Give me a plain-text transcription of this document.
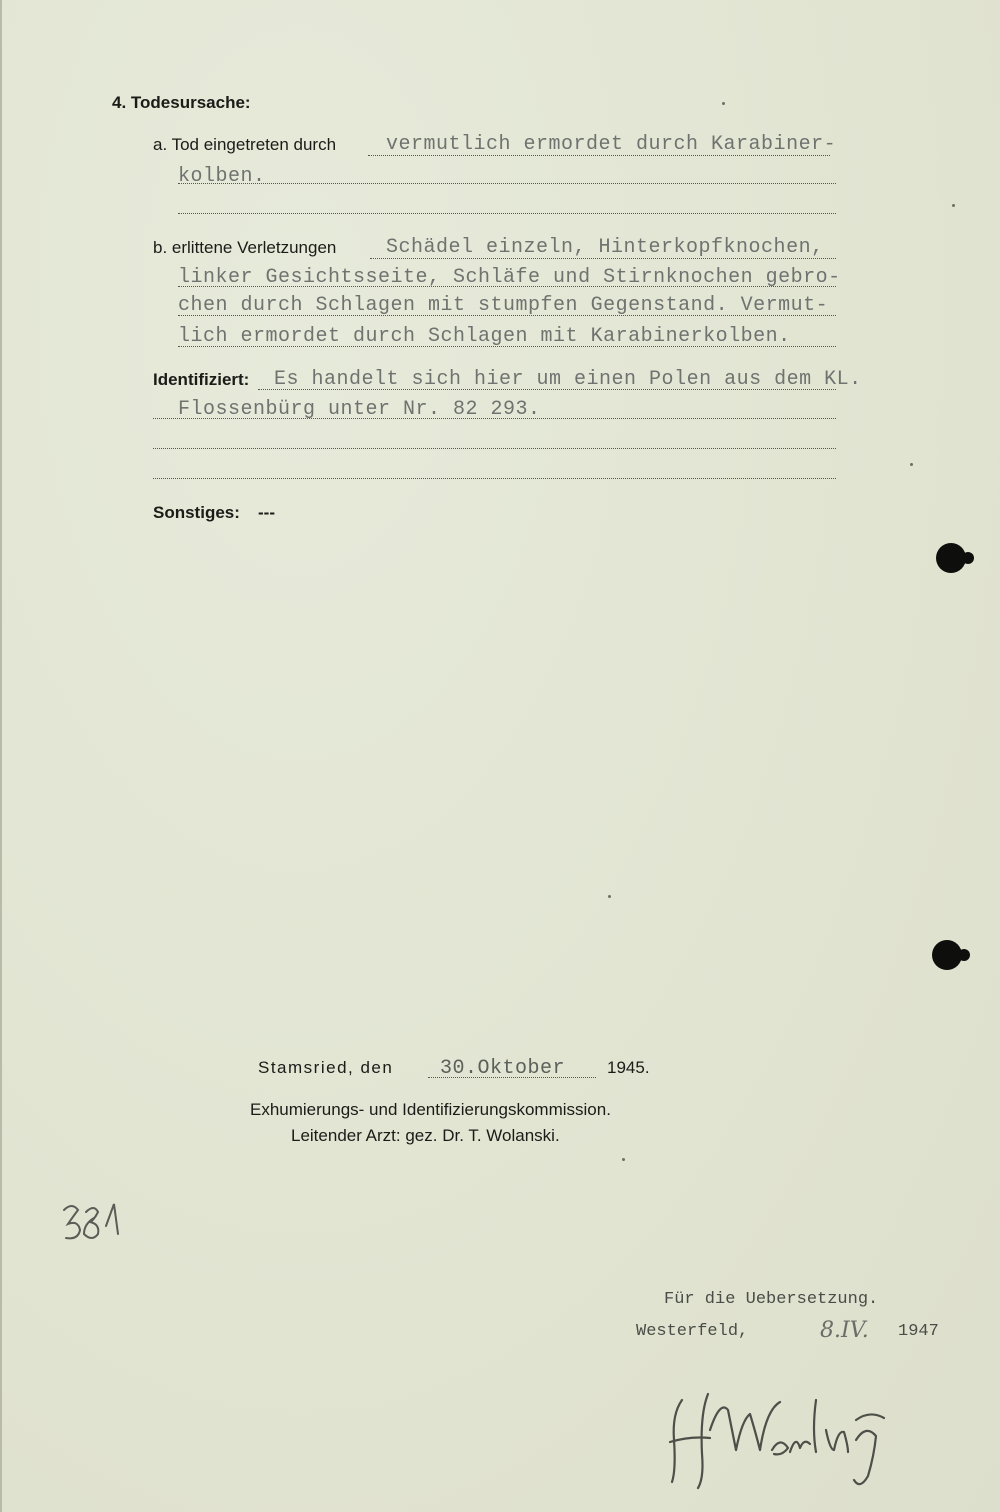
4. Todesursache:
a. Tod eingetreten durch vermutlich ermordet durch Karabiner-
kolben.
b. erlittene Verletzungen Schädel einzeln, Hinterkopfknochen,
linker Gesichtsseite, Schläfe und Stirnknochen gebro-
chen durch Schlagen mit stumpfen Gegenstand. Vermut-
lich ermordet durch Schlagen mit Karabinerkolben.
Identifiziert: Es handelt sich hier um einen Polen aus dem KL.
Flossenbürg unter Nr. 82 293.
Sonstiges: ---
Stamsried, den 30.Oktober 1945.
Exhumierungs- und Identifizierungskommission.
Leitender Arzt: gez. Dr. T. Wolanski.
Für die Uebersetzung.
Westerfeld,	8.IV. 1947
